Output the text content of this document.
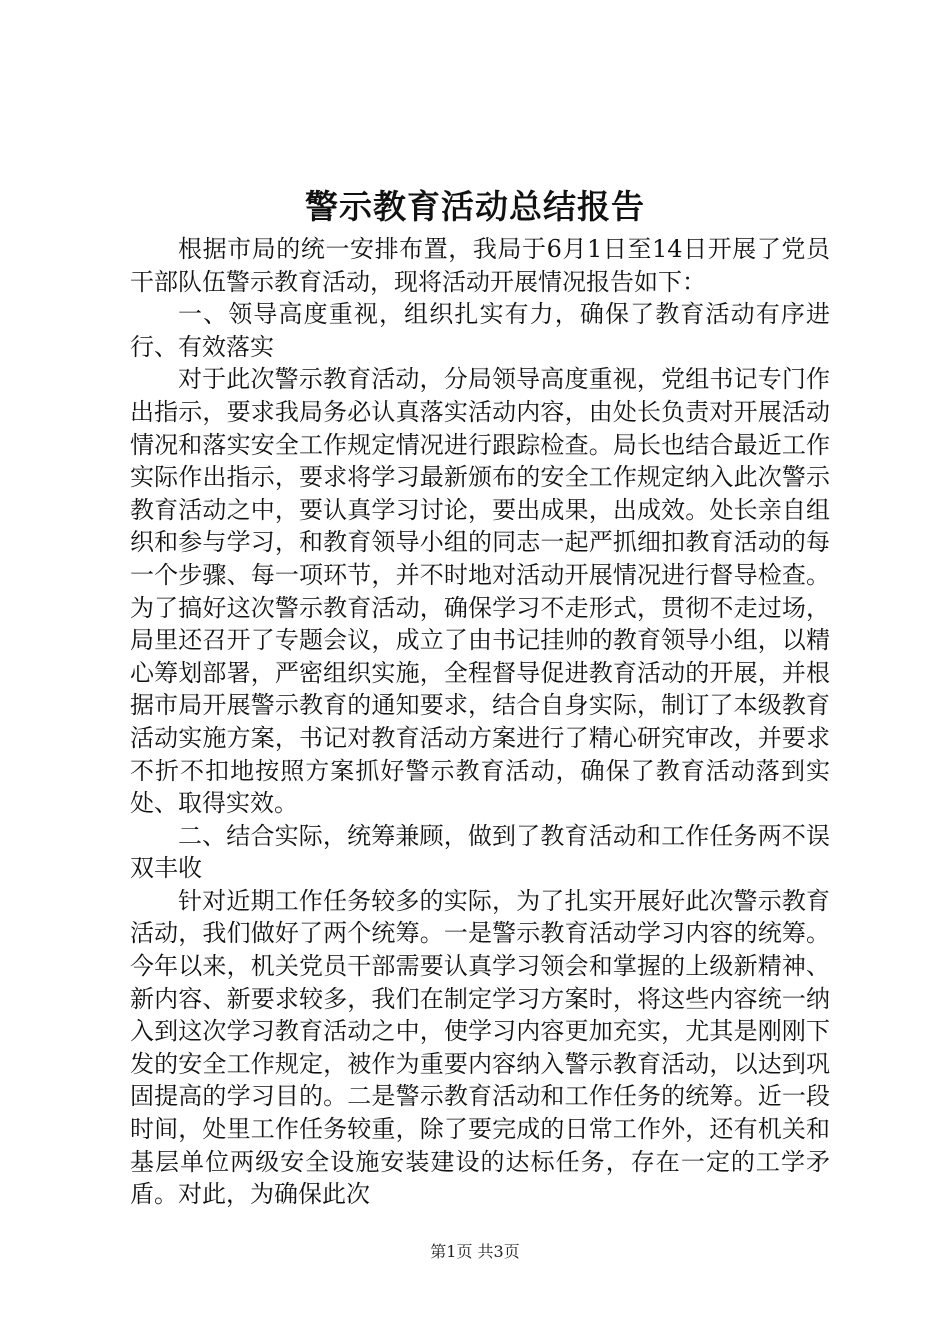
警示教育活动总结报告

根据市局的统一安排布置，我局于6月1日至14日开展了党员干部队伍警示教育活动，现将活动开展情况报告如下：

一、领导高度重视，组织扎实有力，确保了教育活动有序进行、有效落实

对于此次警示教育活动，分局领导高度重视，党组书记专门作出指示，要求我局务必认真落实活动内容，由处长负责对开展活动情况和落实安全工作规定情况进行跟踪检查。局长也结合最近工作实际作出指示，要求将学习最新颁布的安全工作规定纳入此次警示教育活动之中，要认真学习讨论，要出成果，出成效。处长亲自组织和参与学习，和教育领导小组的同志一起严抓细扣教育活动的每一个步骤、每一项环节，并不时地对活动开展情况进行督导检查。为了搞好这次警示教育活动，确保学习不走形式，贯彻不走过场，局里还召开了专题会议，成立了由书记挂帅的教育领导小组，以精心筹划部署，严密组织实施，全程督导促进教育活动的开展，并根据市局开展警示教育的通知要求，结合自身实际，制订了本级教育活动实施方案，书记对教育活动方案进行了精心研究审改，并要求不折不扣地按照方案抓好警示教育活动，确保了教育活动落到实处、取得实效。

二、结合实际，统筹兼顾，做到了教育活动和工作任务两不误双丰收

针对近期工作任务较多的实际，为了扎实开展好此次警示教育活动，我们做好了两个统筹。一是警示教育活动学习内容的统筹。今年以来，机关党员干部需要认真学习领会和掌握的上级新精神、新内容、新要求较多，我们在制定学习方案时，将这些内容统一纳入到这次学习教育活动之中，使学习内容更加充实，尤其是刚刚下发的安全工作规定，被作为重要内容纳入警示教育活动，以达到巩固提高的学习目的。二是警示教育活动和工作任务的统筹。近一段时间，处里工作任务较重，除了要完成的日常工作外，还有机关和基层单位两级安全设施安装建设的达标任务，存在一定的工学矛盾。对此，为确保此次

第1页 共3页
